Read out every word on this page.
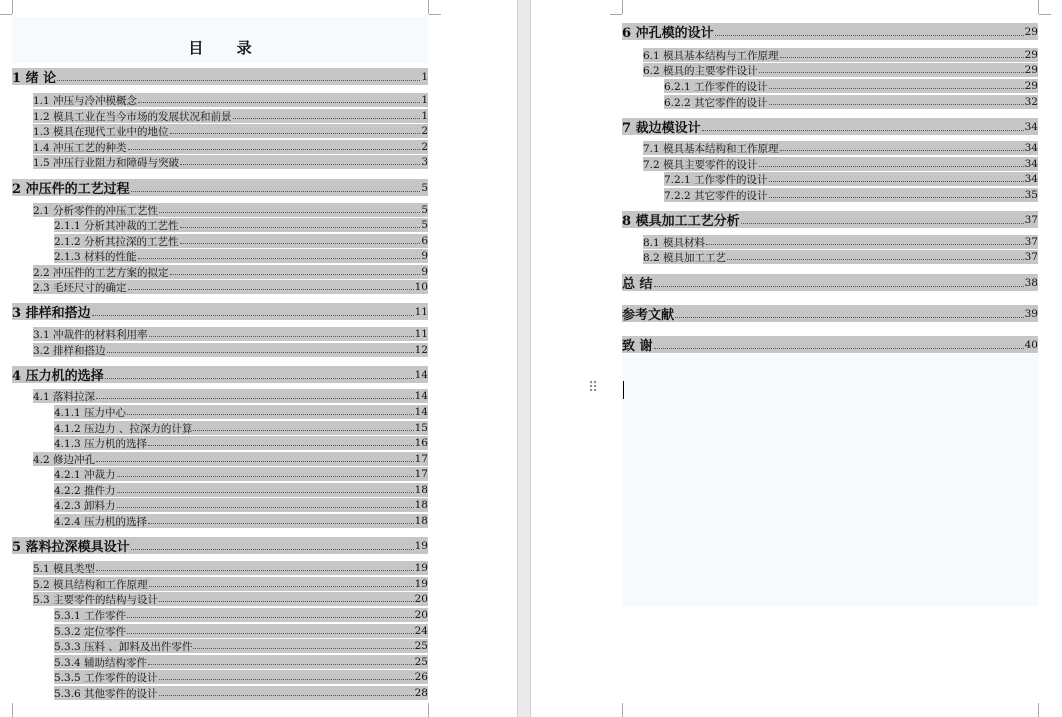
目 录
1 绪 论	1
1.1 冲压与冷冲模概念	1
1.2 模具工业在当今市场的发展状况和前景	1
1.3 模具在现代工业中的地位	2
1.4 冲压工艺的种类	2
1.5 冲压行业阻力和障碍与突破	3
2 冲压件的工艺过程	5
2.1 分析零件的冲压工艺性	5
2.1.1 分析其冲裁的工艺性	5
2.1.2 分析其拉深的工艺性	6
2.1.3 材料的性能	9
2.2 冲压件的工艺方案的拟定	9
2.3 毛坯尺寸的确定	10
3 排样和搭边	11
3.1 冲裁件的材料利用率	11
3.2 排样和搭边	12
4 压力机的选择	14
4.1 落料拉深	14
4.1.1 压力中心	14
4.1.2 压边力 、拉深力的计算	15
4.1.3 压力机的选择	16
4.2 修边冲孔	17
4.2.1 冲裁力	17
4.2.2 推件力	18
4.2.3 卸料力	18
4.2.4 压力机的选择	18
5 落料拉深模具设计	19
5.1 模具类型	19
5.2 模具结构和工作原理	19
5.3 主要零件的结构与设计	20
5.3.1 工作零件	20
5.3.2 定位零件	24
5.3.3 压料 、卸料及出件零件	25
5.3.4 辅助结构零件	25
5.3.5 工作零件的设计	26
5.3.6 其他零件的设计	28
6 冲孔模的设计	29
6.1 模具基本结构与工作原理	29
6.2 模具的主要零件设计	29
6.2.1 工作零件的设计	29
6.2.2 其它零件的设计	32
7 裁边模设计	34
7.1 模具基本结构和工作原理	34
7.2 模具主要零件的设计	34
7.2.1 工作零件的设计	34
7.2.2 其它零件的设计	35
8 模具加工工艺分析	37
8.1 模具材料	37
8.2 模具加工工艺	37
总 结	38
参考文献	39
致 谢	40
⠿
